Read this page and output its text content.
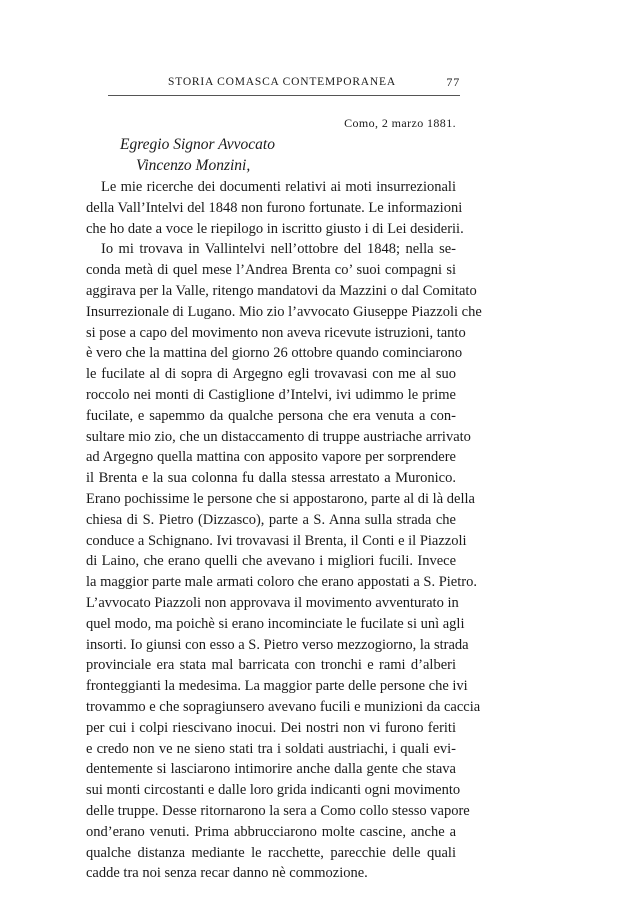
STORIA COMASCA CONTEMPORANEA	77
Como, 2 marzo 1881.
Egregio Signor Avvocato
Vincenzo Monzini,
Le mie ricerche dei documenti relativi ai moti insurrezionali
della Vall’Intelvi del 1848 non furono fortunate. Le informazioni
che ho date a voce le riepilogo in iscritto giusto i di Lei desiderii.
Io mi trovava in Vallintelvi nell’ottobre del 1848; nella se-
conda metà di quel mese l’Andrea Brenta co’ suoi compagni si
aggirava per la Valle, ritengo mandatovi da Mazzini o dal Comitato
Insurrezionale di Lugano. Mio zio l’avvocato Giuseppe Piazzoli che
si pose a capo del movimento non aveva ricevute istruzioni, tanto
è vero che la mattina del giorno 26 ottobre quando cominciarono
le fucilate al di sopra di Argegno egli trovavasi con me al suo
roccolo nei monti di Castiglione d’Intelvi, ivi udimmo le prime
fucilate, e sapemmo da qualche persona che era venuta a con-
sultare mio zio, che un distaccamento di truppe austriache arrivato
ad Argegno quella mattina con apposito vapore per sorprendere
il Brenta e la sua colonna fu dalla stessa arrestato a Muronico.
Erano pochissime le persone che si appostarono, parte al di là della
chiesa di S. Pietro (Dizzasco), parte a S. Anna sulla strada che
conduce a Schignano. Ivi trovavasi il Brenta, il Conti e il Piazzoli
di Laino, che erano quelli che avevano i migliori fucili. Invece
la maggior parte male armati coloro che erano appostati a S. Pietro.
L’avvocato Piazzoli non approvava il movimento avventurato in
quel modo, ma poichè si erano incominciate le fucilate si unì agli
insorti. Io giunsi con esso a S. Pietro verso mezzogiorno, la strada
provinciale era stata mal barricata con tronchi e rami d’alberi
fronteggianti la medesima. La maggior parte delle persone che ivi
trovammo e che sopragiunsero avevano fucili e munizioni da caccia
per cui i colpi riescivano inocui. Dei nostri non vi furono feriti
e credo non ve ne sieno stati tra i soldati austriachi, i quali evi-
dentemente si lasciarono intimorire anche dalla gente che stava
sui monti circostanti e dalle loro grida indicanti ogni movimento
delle truppe. Desse ritornarono la sera a Como collo stesso vapore
ond’erano venuti. Prima abbrucciarono molte cascine, anche a
qualche distanza mediante le racchette, parecchie delle quali
cadde tra noi senza recar danno nè commozione.
